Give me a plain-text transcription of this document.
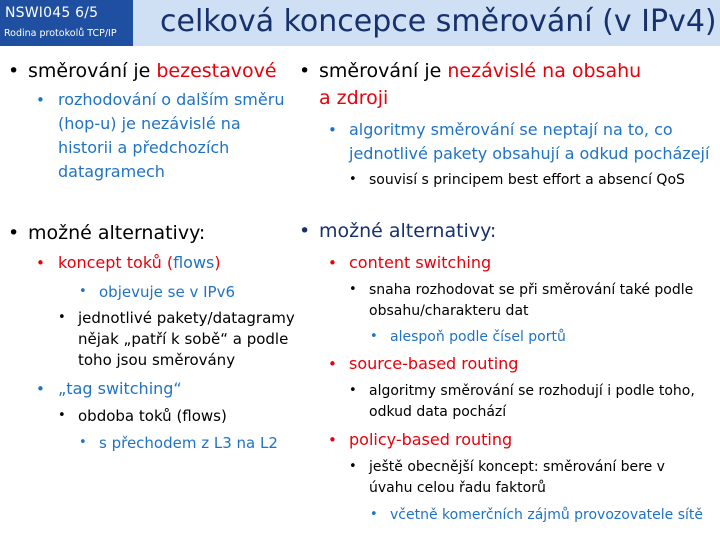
NSWI045 6/5
Rodina protokolů TCP/IP celková koncepce směrování (v IPv4)
• směrování je bezestavové
• rozhodování o dalším směru
(hop-u) je nezávislé na
historii a předchozích
datagramech
• možné alternativy:
• koncept toků (flows)
• objevuje se v IPv6
• jednotlivé pakety/datagramy
nějak „patří k sobě“ a podle
toho jsou směrovány
• „tag switching“
• obdoba toků (flows)
• s přechodem z L3 na L2
• směrování je nezávislé na obsahu
a zdroji
• algoritmy směrování se neptají na to, co
jednotlivé pakety obsahují a odkud pocházejí
• souvisí s principem best effort a absencí QoS
• možné alternativy:
• content switching
• snaha rozhodovat se při směrování také podle
obsahu/charakteru dat
• alespoň podle čísel portů
• source-based routing
• algoritmy směrování se rozhodují i podle toho,
odkud data pochází
• policy-based routing
• ještě obecnější koncept: směrování bere v
úvahu celou řadu faktorů
• včetně komerčních zájmů provozovatele sítě
